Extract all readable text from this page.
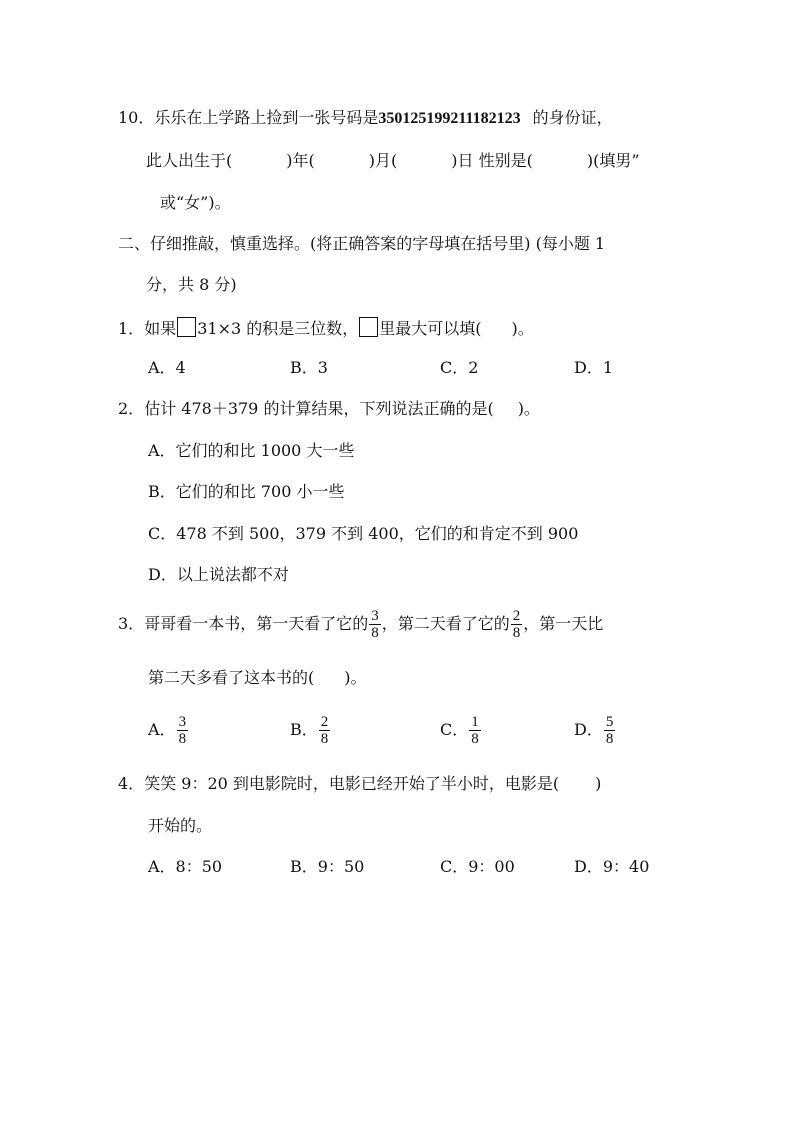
10．乐乐在上学路上捡到一张号码是350125199211182123 的身份证，
此人出生于(	)年(	)月(	)日 性别是(	)(填男”
或“女”)。
二、仔细推敲，慎重选择。(将正确答案的字母填在括号里) (每小题 1
分，共 8 分)
1．如果 31×3 的积是三位数， 里最大可以填( )。
A．4	B．3	C．2	D．1
2．估计 478＋379 的计算结果，下列说法正确的是( )。
A．它们的和比 1000 大一些
B．它们的和比 700 小一些
C．478 不到 500，379 不到 400，它们的和肯定不到 900
D．以上说法都不对
3．哥哥看一本书，第一天看了它的 $\frac{3}{8}$ ，第二天看了它的 $\frac{2}{8}$ ，第一天比
第二天多看了这本书的( )。
A． $\frac{3}{8}$	B． $\frac{2}{8}$	C． $\frac{1}{8}$	D． $\frac{5}{8}$
4．笑笑 9：20 到电影院时，电影已经开始了半小时，电影是( )
开始的。
A．8：50	B．9：50	C．9：00	D．9：40
